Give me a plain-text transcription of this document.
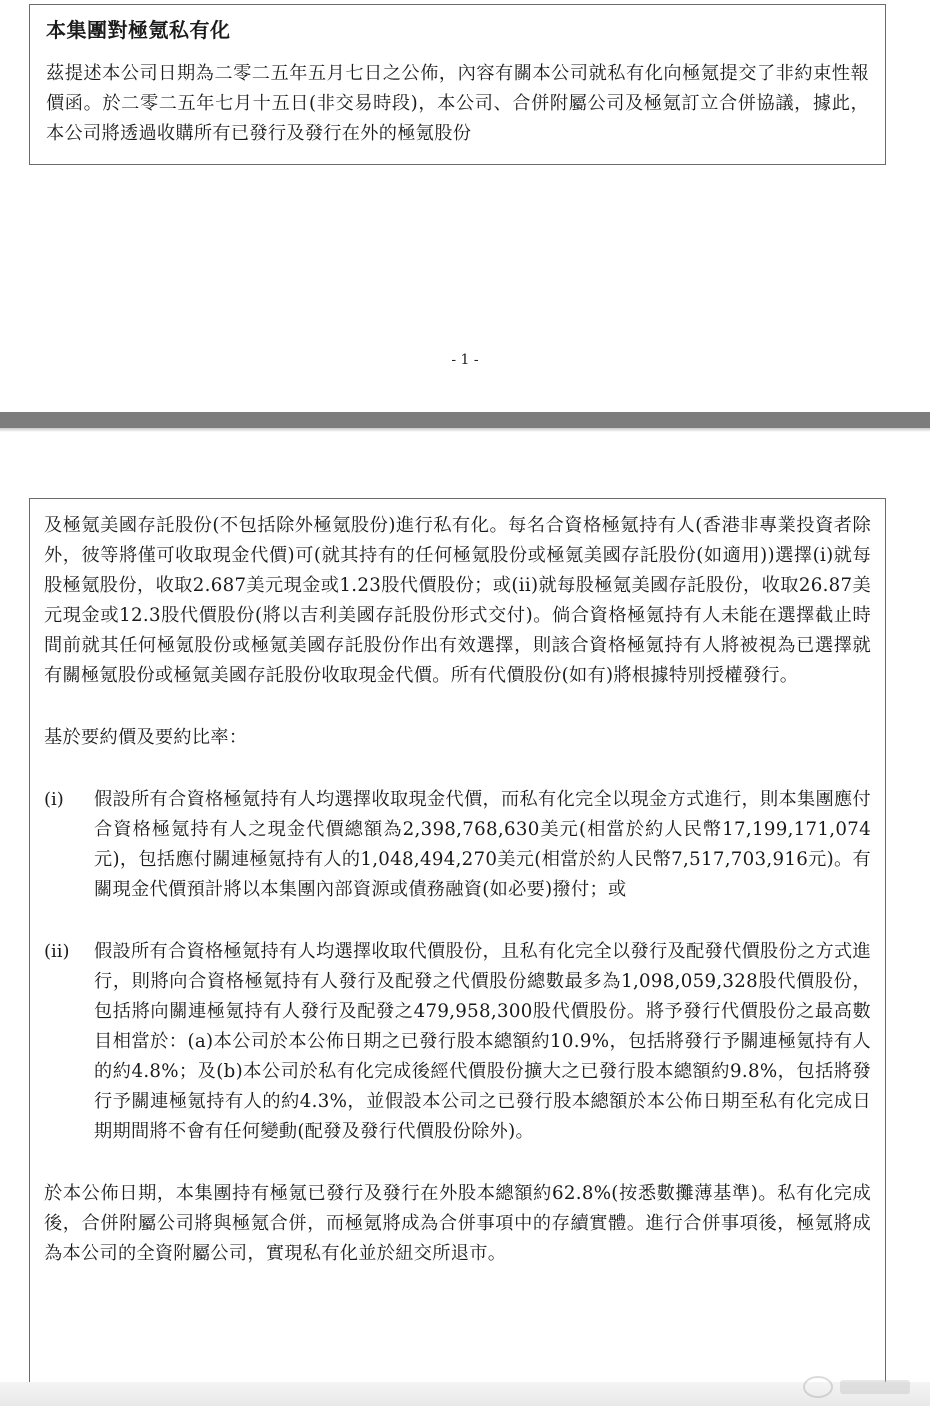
本集團對極氪私有化

茲提述本公司日期為二零二五年五月七日之公佈，內容有關本公司就私有化向極氪提交了非約束性報價函。於二零二五年七月十五日(非交易時段)，本公司、合併附屬公司及極氪訂立合併協議，據此，本公司將透過收購所有已發行及發行在外的極氪股份

- 1 -

及極氪美國存託股份(不包括除外極氪股份)進行私有化。每名合資格極氪持有人(香港非專業投資者除外，彼等將僅可收取現金代價)可(就其持有的任何極氪股份或極氪美國存託股份(如適用))選擇(i)就每股極氪股份，收取2.687美元現金或1.23股代價股份；或(ii)就每股極氪美國存託股份，收取26.87美元現金或12.3股代價股份(將以吉利美國存託股份形式交付)。倘合資格極氪持有人未能在選擇截止時間前就其任何極氪股份或極氪美國存託股份作出有效選擇，則該合資格極氪持有人將被視為已選擇就有關極氪股份或極氪美國存託股份收取現金代價。所有代價股份(如有)將根據特別授權發行。

基於要約價及要約比率：

(i) 假設所有合資格極氪持有人均選擇收取現金代價，而私有化完全以現金方式進行，則本集團應付合資格極氪持有人之現金代價總額為2,398,768,630美元(相當於約人民幣17,199,171,074元)，包括應付關連極氪持有人的1,048,494,270美元(相當於約人民幣7,517,703,916元)。有關現金代價預計將以本集團內部資源或債務融資(如必要)撥付；或

(ii) 假設所有合資格極氪持有人均選擇收取代價股份，且私有化完全以發行及配發代價股份之方式進行，則將向合資格極氪持有人發行及配發之代價股份總數最多為1,098,059,328股代價股份，包括將向關連極氪持有人發行及配發之479,958,300股代價股份。將予發行代價股份之最高數目相當於：(a)本公司於本公佈日期之已發行股本總額約10.9%，包括將發行予關連極氪持有人的約4.8%；及(b)本公司於私有化完成後經代價股份擴大之已發行股本總額約9.8%，包括將發行予關連極氪持有人的約4.3%，並假設本公司之已發行股本總額於本公佈日期至私有化完成日期期間將不會有任何變動(配發及發行代價股份除外)。

於本公佈日期，本集團持有極氪已發行及發行在外股本總額約62.8%(按悉數攤薄基準)。私有化完成後，合併附屬公司將與極氪合併，而極氪將成為合併事項中的存續實體。進行合併事項後，極氪將成為本公司的全資附屬公司，實現私有化並於紐交所退市。
